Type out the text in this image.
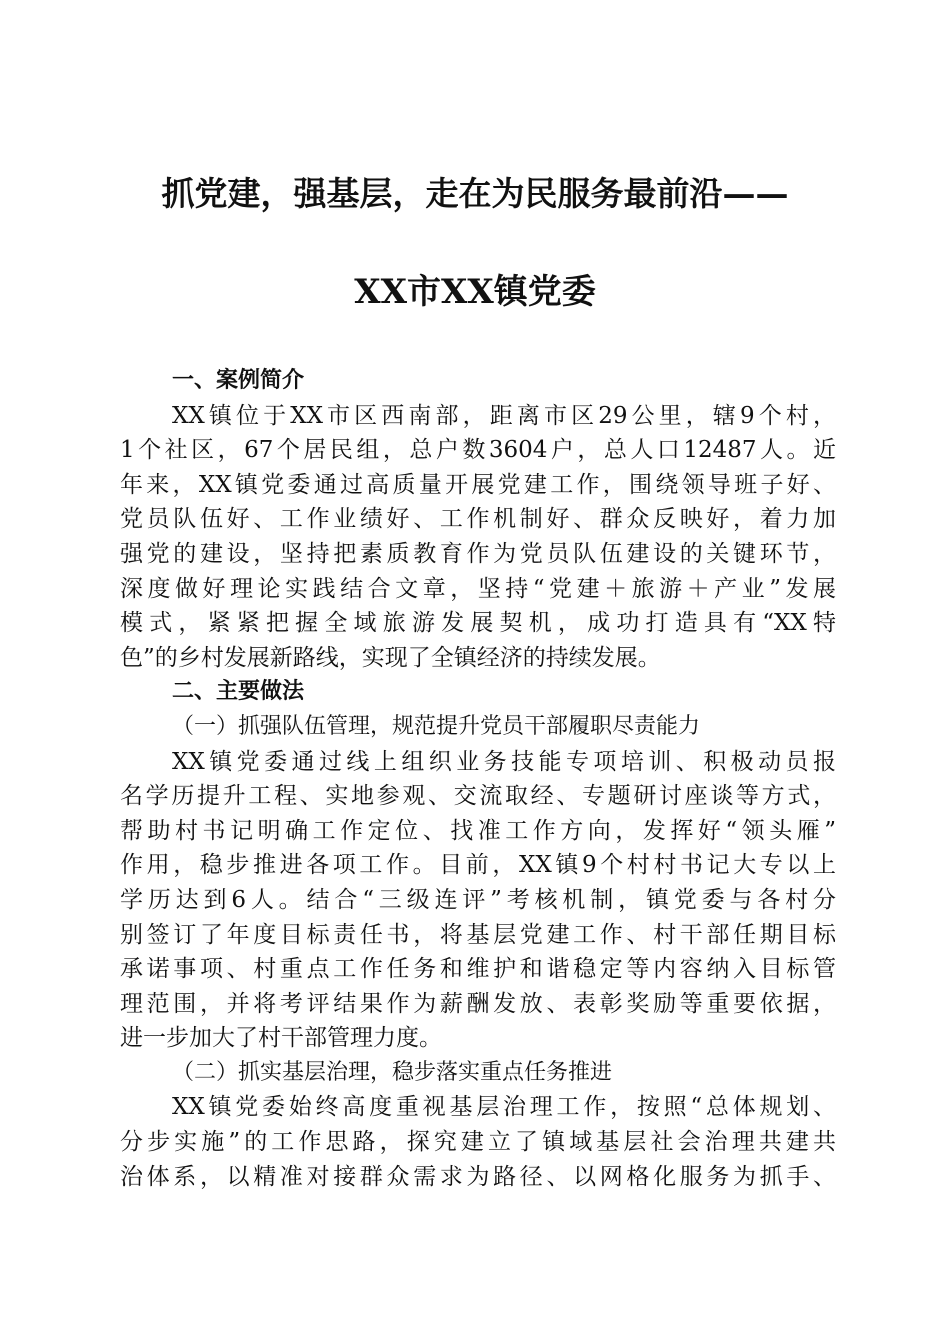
抓党建，强基层，走在为民服务最前沿——
XX市XX镇党委
一、案例简介
XX镇位于XX市区西南部，距离市区29公里，辖9个村，
1个社区，67个居民组，总户数3604户，总人口12487人。近
年来，XX镇党委通过高质量开展党建工作，围绕领导班子好、
党员队伍好、工作业绩好、工作机制好、群众反映好，着力加
强党的建设，坚持把素质教育作为党员队伍建设的关键环节，
深度做好理论实践结合文章，坚持“党建＋旅游＋产业”发展
模式，紧紧把握全域旅游发展契机，成功打造具有“XX特
色”的乡村发展新路线，实现了全镇经济的持续发展。
二、主要做法
（一）抓强队伍管理，规范提升党员干部履职尽责能力
XX镇党委通过线上组织业务技能专项培训、积极动员报
名学历提升工程、实地参观、交流取经、专题研讨座谈等方式，
帮助村书记明确工作定位、找准工作方向，发挥好“领头雁”
作用，稳步推进各项工作。目前，XX镇9个村村书记大专以上
学历达到6人。结合“三级连评”考核机制，镇党委与各村分
别签订了年度目标责任书，将基层党建工作、村干部任期目标
承诺事项、村重点工作任务和维护和谐稳定等内容纳入目标管
理范围，并将考评结果作为薪酬发放、表彰奖励等重要依据，
进一步加大了村干部管理力度。
（二）抓实基层治理，稳步落实重点任务推进
XX镇党委始终高度重视基层治理工作，按照“总体规划、
分步实施”的工作思路，探究建立了镇域基层社会治理共建共
治体系，以精准对接群众需求为路径、以网格化服务为抓手、
